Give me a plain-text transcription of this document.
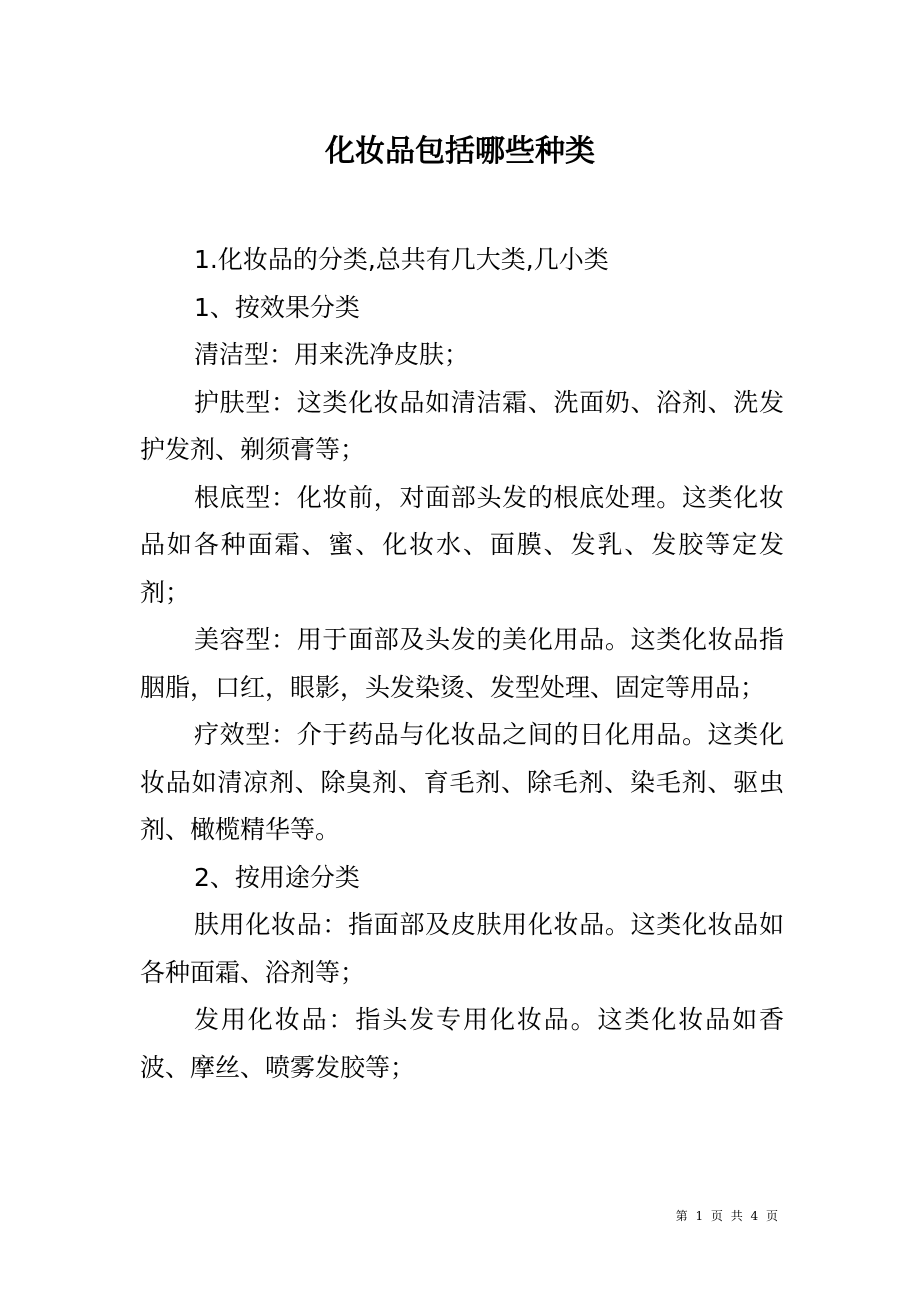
化妆品包括哪些种类

1.化妆品的分类,总共有几大类,几小类

1、按效果分类

清洁型：用来洗净皮肤；

护肤型：这类化妆品如清洁霜、洗面奶、浴剂、洗发护发剂、剃须膏等；

根底型：化妆前，对面部头发的根底处理。这类化妆品如各种面霜、蜜、化妆水、面膜、发乳、发胶等定发剂；

美容型：用于面部及头发的美化用品。这类化妆品指胭脂，口红，眼影，头发染烫、发型处理、固定等用品；

疗效型：介于药品与化妆品之间的日化用品。这类化妆品如清凉剂、除臭剂、育毛剂、除毛剂、染毛剂、驱虫剂、橄榄精华等。

2、按用途分类

肤用化妆品：指面部及皮肤用化妆品。这类化妆品如各种面霜、浴剂等；

发用化妆品：指头发专用化妆品。这类化妆品如香波、摩丝、喷雾发胶等；

第 1 页 共 4 页
